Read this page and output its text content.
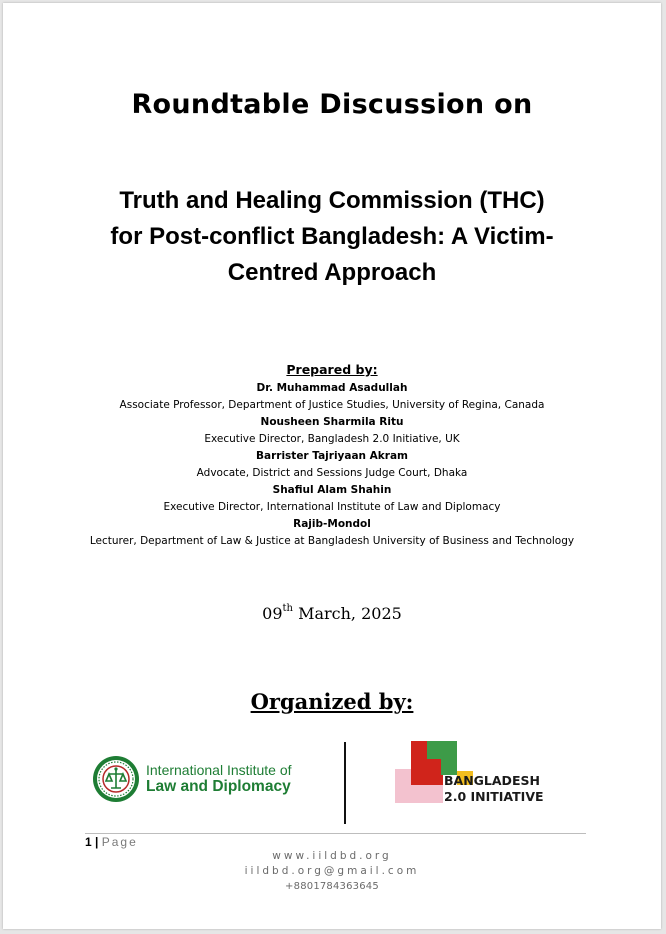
Roundtable Discussion on
Truth and Healing Commission (THC)
for Post-conflict Bangladesh: A Victim-
Centred Approach
Prepared by:
Dr. Muhammad Asadullah
Associate Professor, Department of Justice Studies, University of Regina, Canada
Nousheen Sharmila Ritu
Executive Director, Bangladesh 2.0 Initiative, UK
Barrister Tajriyaan Akram
Advocate, District and Sessions Judge Court, Dhaka
Shafiul Alam Shahin
Executive Director, International Institute of Law and Diplomacy
Rajib-Mondol
Lecturer, Department of Law & Justice at Bangladesh University of Business and Technology
09th March, 2025
Organized by:
International Institute of
Law and Diplomacy	BANGLADESH
2.0 INITIATIVE
1 | Page
www.iildbd.org
iildbd.org@gmail.com
+8801784363645
